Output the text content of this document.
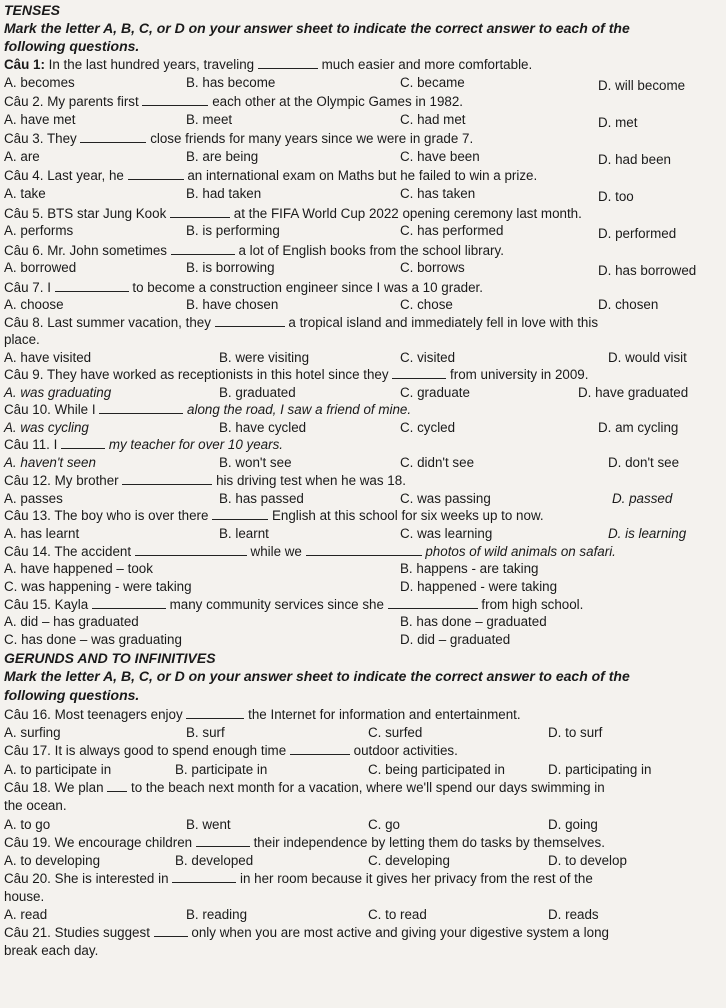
TENSES
Mark the letter A, B, C, or D on your answer sheet to indicate the correct answer to each of the
following questions.
Câu 1: In the last hundred years, traveling	much easier and more comfortable.
A. becomes	B. has become	C. became	D. will become
Câu 2. My parents first	each other at the Olympic Games in 1982.
A. have met	B. meet	C. had met	D. met
Câu 3. They	close friends for many years since we were in grade 7.
A. are	B. are being	C. have been	D. had been
Câu 4. Last year, he	an international exam on Maths but he failed to win a prize.
A. take	B. had taken	C. has taken	D. too
Câu 5. BTS star Jung Kook	at the FIFA World Cup 2022 opening ceremony last month.
A. performs	B. is performing	C. has performed	D. performed
Câu 6. Mr. John sometimes	a lot of English books from the school library.
A. borrowed	B. is borrowing	C. borrows	D. has borrowed
Câu 7. I	to become a construction engineer since I was a 10 grader.
A. choose	B. have chosen	C. chose	D. chosen
Câu 8. Last summer vacation, they	a tropical island and immediately fell in love with this
place.
A. have visited	B. were visiting	C. visited	D. would visit
Câu 9. They have worked as receptionists in this hotel since they	from university in 2009.
A. was graduating	B. graduated	C. graduate	D. have graduated
Câu 10. While I	along the road, I saw a friend of mine.
A. was cycling	B. have cycled	C. cycled	D. am cycling
Câu 11. I	my teacher for over 10 years.
A. haven't seen	B. won't see	C. didn't see	D. don't see
Câu 12. My brother	his driving test when he was 18.
A. passes	B. has passed	C. was passing	D. passed
Câu 13. The boy who is over there	English at this school for six weeks up to now.
A. has learnt	B. learnt	C. was learning	D. is learning
Câu 14. The accident	while we	photos of wild animals on safari.
A. have happened – took	B. happens - are taking
C. was happening - were taking	D. happened - were taking
Câu 15. Kayla	many community services since she	from high school.
A. did – has graduated	B. has done – graduated
C. has done – was graduating	D. did – graduated
GERUNDS AND TO INFINITIVES
Mark the letter A, B, C, or D on your answer sheet to indicate the correct answer to each of the
following questions.
Câu 16. Most teenagers enjoy	the Internet for information and entertainment.
A. surfing	B. surf	C. surfed	D. to surf
Câu 17. It is always good to spend enough time	outdoor activities.
A. to participate in	B. participate in	C. being participated in	D. participating in
Câu 18. We plan to the beach next month for a vacation, where we'll spend our days swimming in
the ocean.
A. to go	B. went	C. go	D. going
Câu 19. We encourage children	their independence by letting them do tasks by themselves.
A. to developing	B. developed	C. developing	D. to develop
Câu 20. She is interested in	in her room because it gives her privacy from the rest of the
house.
A. read	B. reading	C. to read	D. reads
Câu 21. Studies suggest	only when you are most active and giving your digestive system a long
break each day.
